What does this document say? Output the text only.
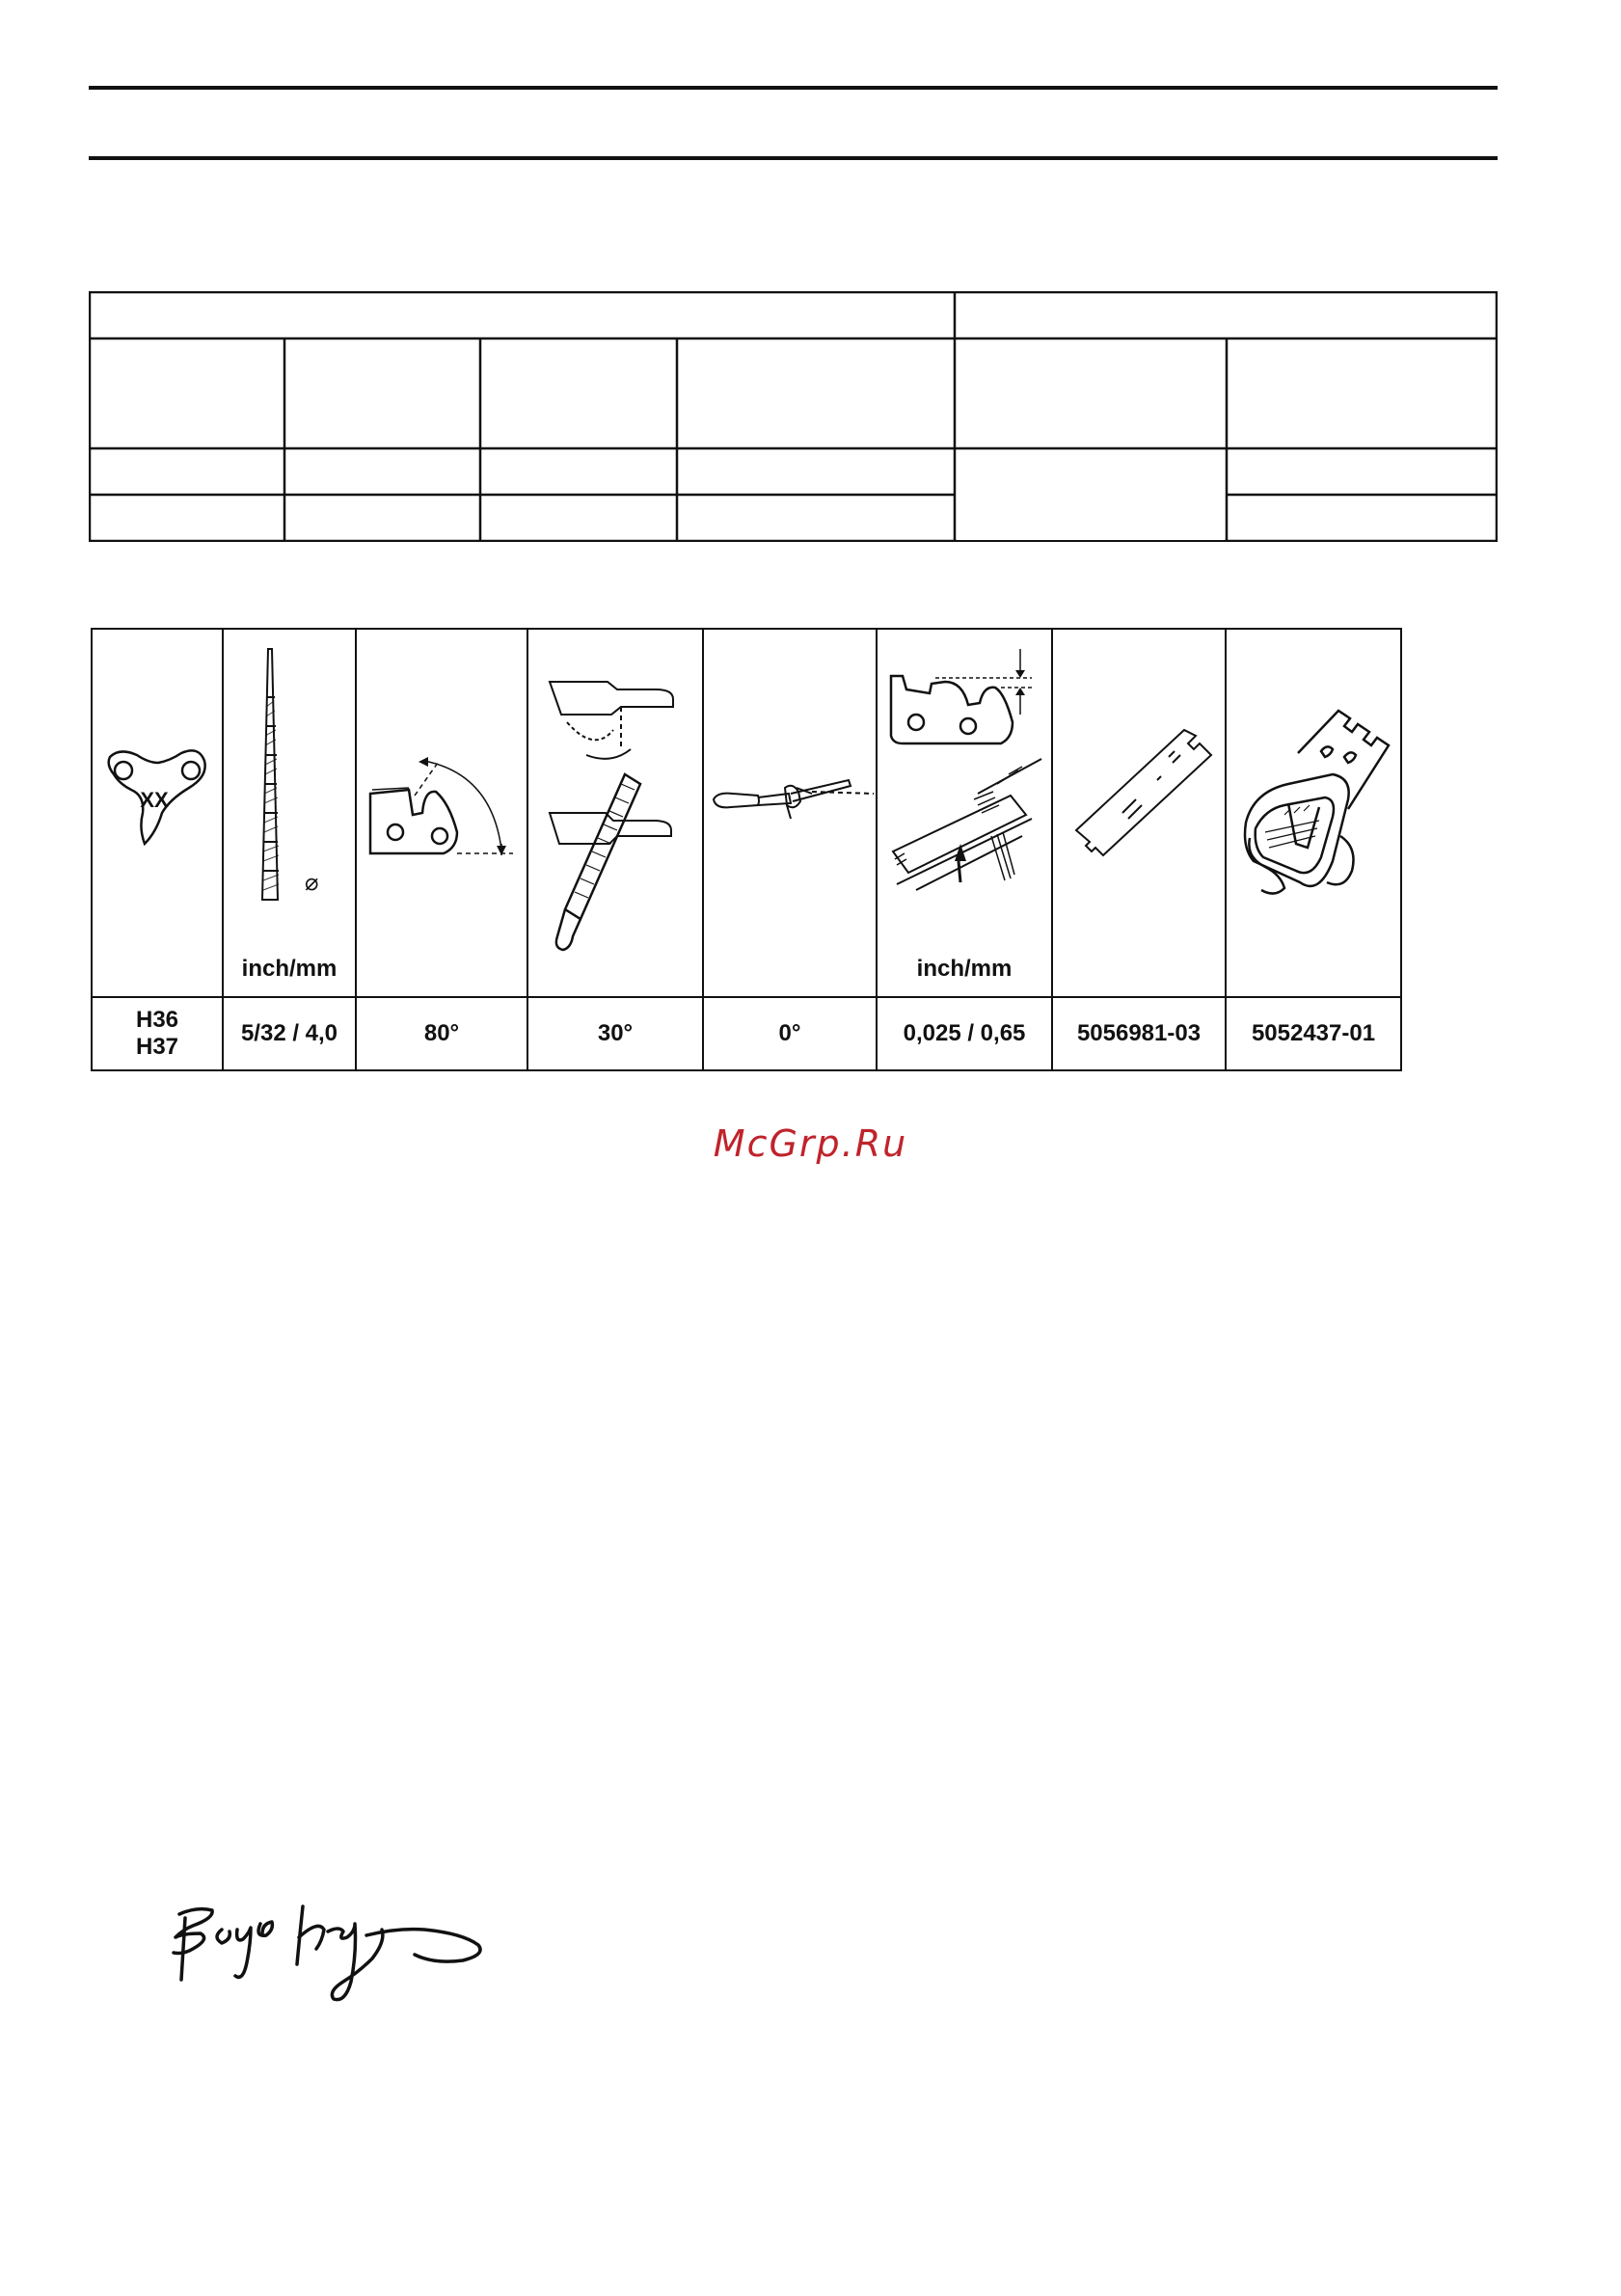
XX	⌀
inch/mm				inch/mm

H36
H37	5/32 / 4,0	80°	30°	0°	0,025 / 0,65	5056981-03	5052437-01
McGrp.Ru
